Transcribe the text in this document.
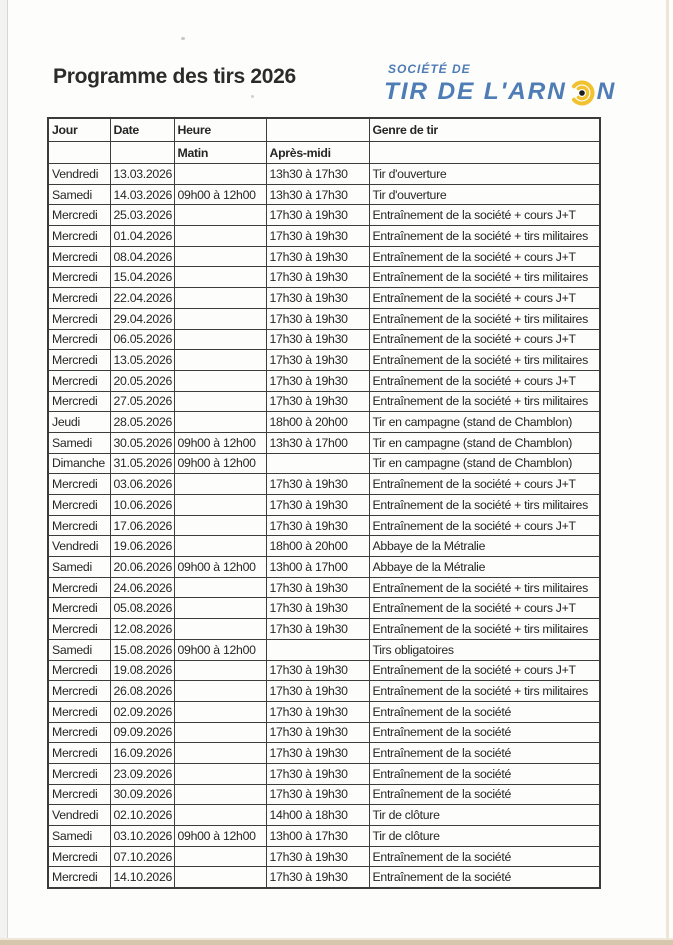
Programme des tirs 2026	SOCIÉTÉ DE
TIR DE L'ARN N
Jour	Date	Heure		Genre de tir
		Matin	Après-midi	
Vendredi	13.03.2026		13h30 à 17h30	Tir d'ouverture
Samedi	14.03.2026	09h00 à 12h00	13h30 à 17h30	Tir d'ouverture
Mercredi	25.03.2026		17h30 à 19h30	Entraînement de la société + cours J+T
Mercredi	01.04.2026		17h30 à 19h30	Entraînement de la société + tirs militaires
Mercredi	08.04.2026		17h30 à 19h30	Entraînement de la société + cours J+T
Mercredi	15.04.2026		17h30 à 19h30	Entraînement de la société + tirs militaires
Mercredi	22.04.2026		17h30 à 19h30	Entraînement de la société + cours J+T
Mercredi	29.04.2026		17h30 à 19h30	Entraînement de la société + tirs militaires
Mercredi	06.05.2026		17h30 à 19h30	Entraînement de la société + cours J+T
Mercredi	13.05.2026		17h30 à 19h30	Entraînement de la société + tirs militaires
Mercredi	20.05.2026		17h30 à 19h30	Entraînement de la société + cours J+T
Mercredi	27.05.2026		17h30 à 19h30	Entraînement de la société + tirs militaires
Jeudi	28.05.2026		18h00 à 20h00	Tir en campagne (stand de Chamblon)
Samedi	30.05.2026	09h00 à 12h00	13h30 à 17h00	Tir en campagne (stand de Chamblon)
Dimanche	31.05.2026	09h00 à 12h00		Tir en campagne (stand de Chamblon)
Mercredi	03.06.2026		17h30 à 19h30	Entraînement de la société + cours J+T
Mercredi	10.06.2026		17h30 à 19h30	Entraînement de la société + tirs militaires
Mercredi	17.06.2026		17h30 à 19h30	Entraînement de la société + cours J+T
Vendredi	19.06.2026		18h00 à 20h00	Abbaye de la Métralie
Samedi	20.06.2026	09h00 à 12h00	13h00 à 17h00	Abbaye de la Métralie
Mercredi	24.06.2026		17h30 à 19h30	Entraînement de la société + tirs militaires
Mercredi	05.08.2026		17h30 à 19h30	Entraînement de la société + cours J+T
Mercredi	12.08.2026		17h30 à 19h30	Entraînement de la société + tirs militaires
Samedi	15.08.2026	09h00 à 12h00		Tirs obligatoires
Mercredi	19.08.2026		17h30 à 19h30	Entraînement de la société + cours J+T
Mercredi	26.08.2026		17h30 à 19h30	Entraînement de la société + tirs militaires
Mercredi	02.09.2026		17h30 à 19h30	Entraînement de la société
Mercredi	09.09.2026		17h30 à 19h30	Entraînement de la société
Mercredi	16.09.2026		17h30 à 19h30	Entraînement de la société
Mercredi	23.09.2026		17h30 à 19h30	Entraînement de la société
Mercredi	30.09.2026		17h30 à 19h30	Entraînement de la société
Vendredi	02.10.2026		14h00 à 18h30	Tir de clôture
Samedi	03.10.2026	09h00 à 12h00	13h00 à 17h30	Tir de clôture
Mercredi	07.10.2026		17h30 à 19h30	Entraînement de la société
Mercredi	14.10.2026		17h30 à 19h30	Entraînement de la société
